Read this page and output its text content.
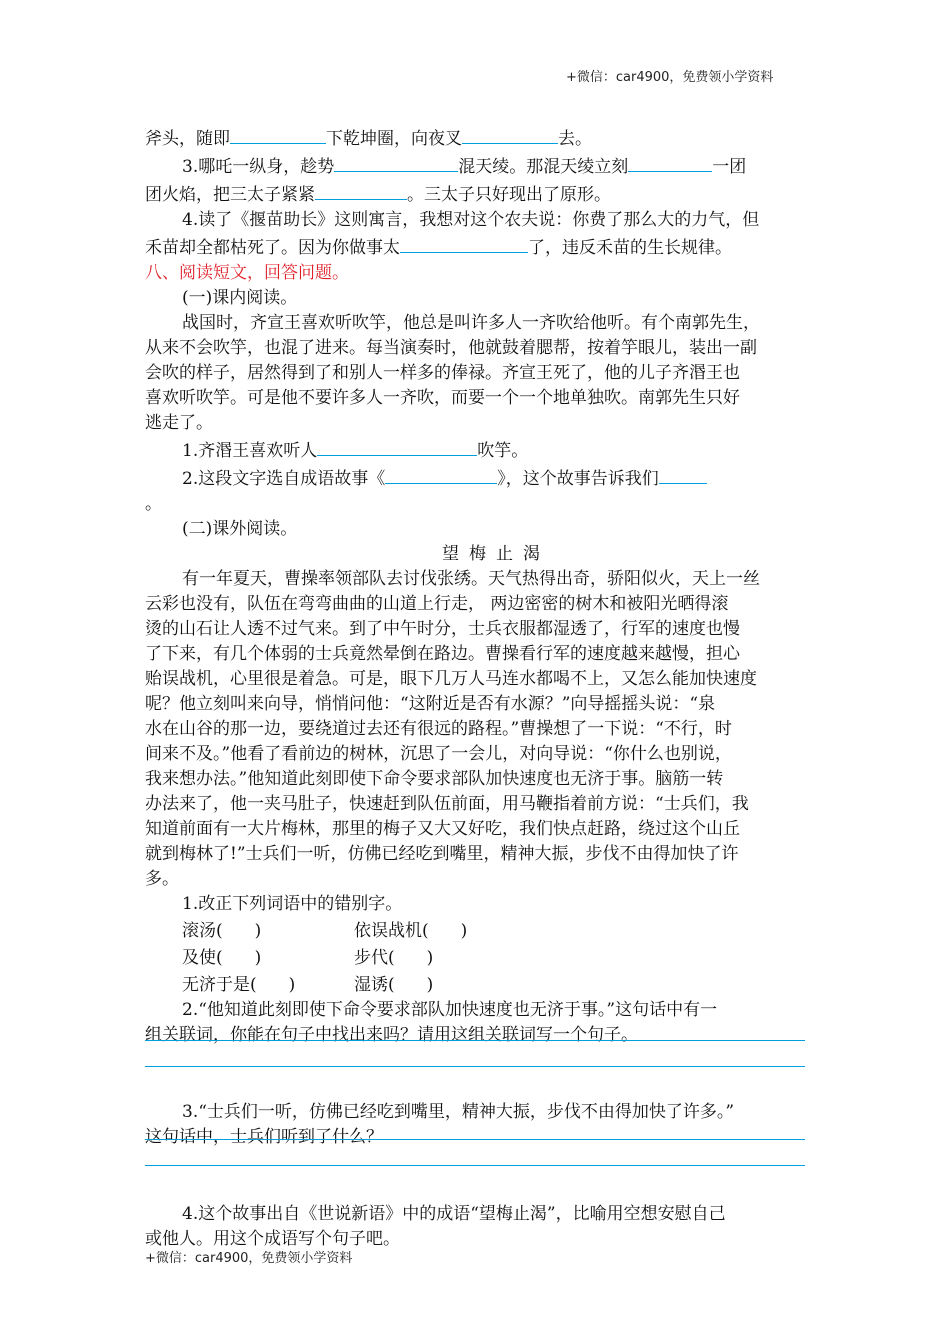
+微信：car4900，免费领小学资料
斧头，随即	下乾坤圈，向夜叉	去。
3.哪吒一纵身，趁势	混天绫。那混天绫立刻	一团
团火焰，把三太子紧紧	。三太子只好现出了原形。
4.读了《揠苗助长》这则寓言，我想对这个农夫说：你费了那么大的力气，但
禾苗却全都枯死了。因为你做事太	了，违反禾苗的生长规律。
八、阅读短文，回答问题。
(一)课内阅读。
战国时，齐宣王喜欢听吹竽，他总是叫许多人一齐吹给他听。有个南郭先生，
从来不会吹竽，也混了进来。每当演奏时，他就鼓着腮帮，按着竽眼儿，装出一副
会吹的样子，居然得到了和别人一样多的俸禄。齐宣王死了，他的儿子齐湣王也
喜欢听吹竽。可是他不要许多人一齐吹，而要一个一个地单独吹。南郭先生只好
逃走了。
1.齐湣王喜欢听人	吹竽。
2.这段文字选自成语故事《	》，这个故事告诉我们
。
(二)课外阅读。
望梅止渴
有一年夏天，曹操率领部队去讨伐张绣。天气热得出奇，骄阳似火，天上一丝
云彩也没有，队伍在弯弯曲曲的山道上行走， 两边密密的树木和被阳光晒得滚
烫的山石让人透不过气来。到了中午时分，士兵衣服都湿透了，行军的速度也慢
了下来，有几个体弱的士兵竟然晕倒在路边。曹操看行军的速度越来越慢，担心
贻误战机，心里很是着急。可是，眼下几万人马连水都喝不上，又怎么能加快速度
呢？他立刻叫来向导，悄悄问他：“这附近是否有水源？”向导摇摇头说：“泉
水在山谷的那一边，要绕道过去还有很远的路程。”曹操想了一下说：“不行，时
间来不及。”他看了看前边的树林，沉思了一会儿，对向导说：“你什么也别说，
我来想办法。”他知道此刻即使下命令要求部队加快速度也无济于事。脑筋一转
办法来了，他一夹马肚子，快速赶到队伍前面，用马鞭指着前方说：“士兵们，我
知道前面有一大片梅林，那里的梅子又大又好吃，我们快点赶路，绕过这个山丘
就到梅林了!”士兵们一听，仿佛已经吃到嘴里，精神大振，步伐不由得加快了许
多。
1.改正下列词语中的错别字。
滚汤( )	依误战机( )
及使( )	步代( )
无济于是( )	湿诱( )
2.“他知道此刻即使下命令要求部队加快速度也无济于事。”这句话中有一
组关联词，你能在句子中找出来吗？请用这组关联词写一个句子。
3.“士兵们一听，仿佛已经吃到嘴里，精神大振，步伐不由得加快了许多。”
这句话中，士兵们听到了什么？
4.这个故事出自《世说新语》中的成语“望梅止渴”，比喻用空想安慰自己
或他人。用这个成语写个句子吧。
+微信：car4900，免费领小学资料
